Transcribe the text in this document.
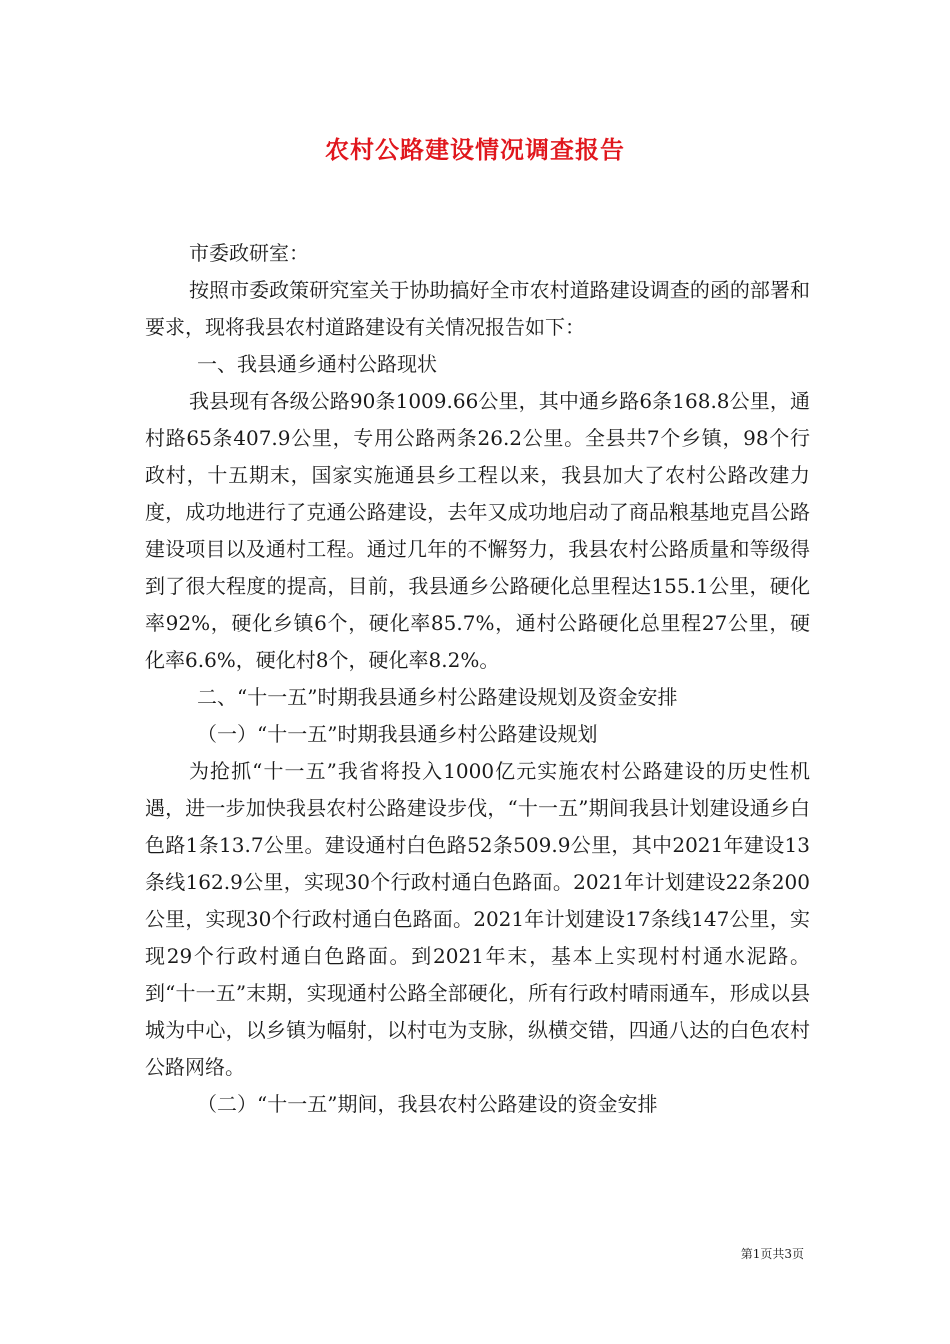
农村公路建设情况调查报告

市委政研室：

按照市委政策研究室关于协助搞好全市农村道路建设调查的函的部署和要求，现将我县农村道路建设有关情况报告如下：

一、我县通乡通村公路现状

我县现有各级公路90条1009.66公里，其中通乡路6条168.8公里，通村路65条407.9公里，专用公路两条26.2公里。全县共7个乡镇，98个行政村，十五期末，国家实施通县乡工程以来，我县加大了农村公路改建力度，成功地进行了克通公路建设，去年又成功地启动了商品粮基地克昌公路建设项目以及通村工程。通过几年的不懈努力，我县农村公路质量和等级得到了很大程度的提高，目前，我县通乡公路硬化总里程达155.1公里，硬化率92%，硬化乡镇6个，硬化率85.7%，通村公路硬化总里程27公里，硬化率6.6%，硬化村8个，硬化率8.2%。

二、“十一五”时期我县通乡村公路建设规划及资金安排

（一）“十一五”时期我县通乡村公路建设规划

为抢抓“十一五”我省将投入1000亿元实施农村公路建设的历史性机遇，进一步加快我县农村公路建设步伐，“十一五”期间我县计划建设通乡白色路1条13.7公里。建设通村白色路52条509.9公里，其中2021年建设13条线162.9公里，实现30个行政村通白色路面。2021年计划建设22条200公里，实现30个行政村通白色路面。2021年计划建设17条线147公里，实现29个行政村通白色路面。到2021年末，基本上实现村村通水泥路。到“十一五”末期，实现通村公路全部硬化，所有行政村晴雨通车，形成以县城为中心，以乡镇为幅射，以村屯为支脉，纵横交错，四通八达的白色农村公路网络。

（二）“十一五”期间，我县农村公路建设的资金安排

第1页共3页
